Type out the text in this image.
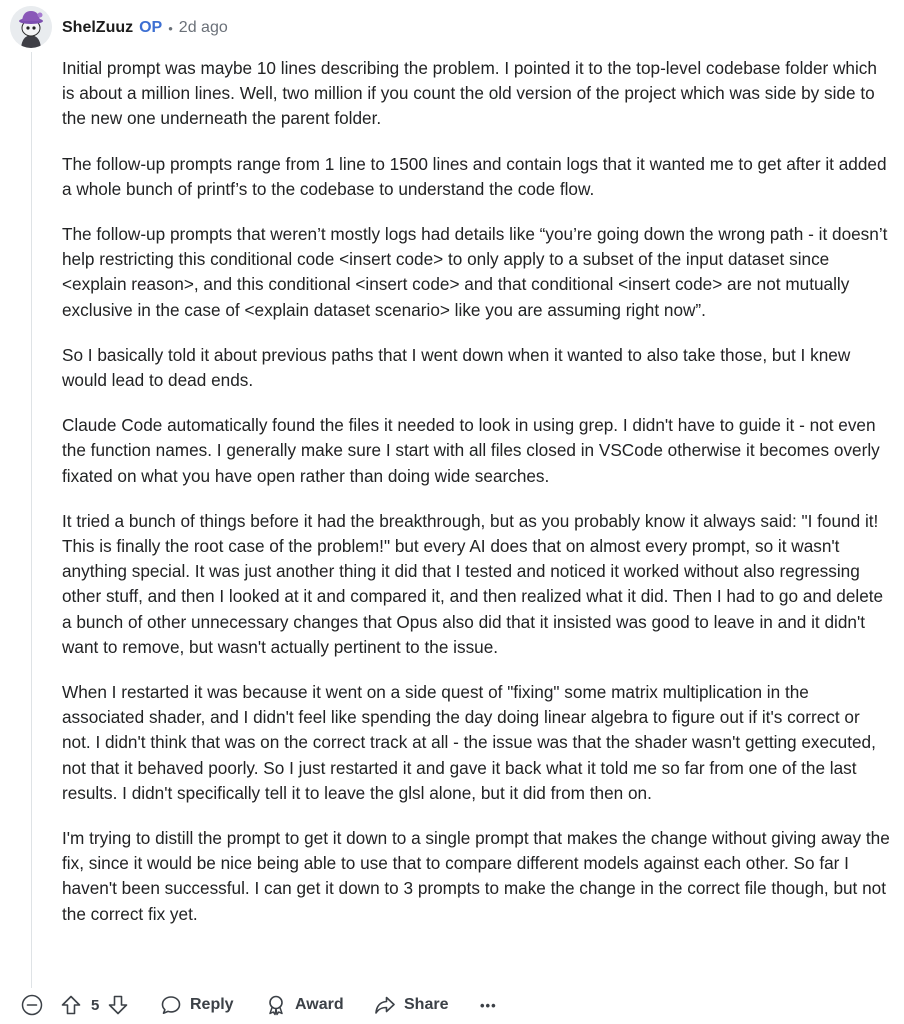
ShelZuuz OP • 2d ago

Initial prompt was maybe 10 lines describing the problem. I pointed it to the top-level codebase folder which is about a million lines. Well, two million if you count the old version of the project which was side by side to the new one underneath the parent folder.

The follow-up prompts range from 1 line to 1500 lines and contain logs that it wanted me to get after it added a whole bunch of printf’s to the codebase to understand the code flow.

The follow-up prompts that weren’t mostly logs had details like “you’re going down the wrong path - it doesn’t help restricting this conditional code <insert code> to only apply to a subset of the input dataset since <explain reason>, and this conditional <insert code> and that conditional <insert code> are not mutually exclusive in the case of <explain dataset scenario> like you are assuming right now”.

So I basically told it about previous paths that I went down when it wanted to also take those, but I knew would lead to dead ends.

Claude Code automatically found the files it needed to look in using grep. I didn't have to guide it - not even the function names. I generally make sure I start with all files closed in VSCode otherwise it becomes overly fixated on what you have open rather than doing wide searches.

It tried a bunch of things before it had the breakthrough, but as you probably know it always said: "I found it! This is finally the root case of the problem!" but every AI does that on almost every prompt, so it wasn't anything special. It was just another thing it did that I tested and noticed it worked without also regressing other stuff, and then I looked at it and compared it, and then realized what it did. Then I had to go and delete a bunch of other unnecessary changes that Opus also did that it insisted was good to leave in and it didn't want to remove, but wasn't actually pertinent to the issue.

When I restarted it was because it went on a side quest of "fixing" some matrix multiplication in the associated shader, and I didn't feel like spending the day doing linear algebra to figure out if it's correct or not. I didn't think that was on the correct track at all - the issue was that the shader wasn't getting executed, not that it behaved poorly. So I just restarted it and gave it back what it told me so far from one of the last results. I didn't specifically tell it to leave the glsl alone, but it did from then on.

I'm trying to distill the prompt to get it down to a single prompt that makes the change without giving away the fix, since it would be nice being able to use that to compare different models against each other. So far I haven't been successful. I can get it down to 3 prompts to make the change in the correct file though, but not the correct fix yet.

5	Reply	Award	Share •••
